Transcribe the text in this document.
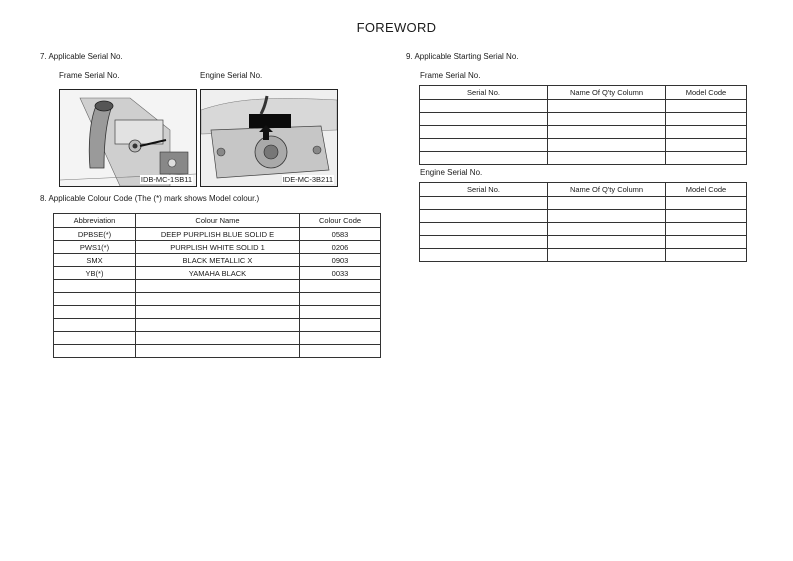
FOREWORD
7. Applicable Serial No.
Frame Serial No.	Engine Serial No.
IDB-MC-1SB11	IDE-MC-3B211
8. Applicable Colour Code (The (*) mark shows Model colour.)
Abbreviation	Colour Name	Colour Code
DPBSE(*)	DEEP PURPLISH BLUE SOLID E	0583
PWS1(*)	PURPLISH WHITE SOLID 1	0206
SMX	BLACK METALLIC X	0903
YB(*)	YAMAHA BLACK	0033

9. Applicable Starting Serial No.
Frame Serial No.
Serial No.	Name Of Q'ty Column	Model Code

Engine Serial No.
Serial No.	Name Of Q'ty Column	Model Code
